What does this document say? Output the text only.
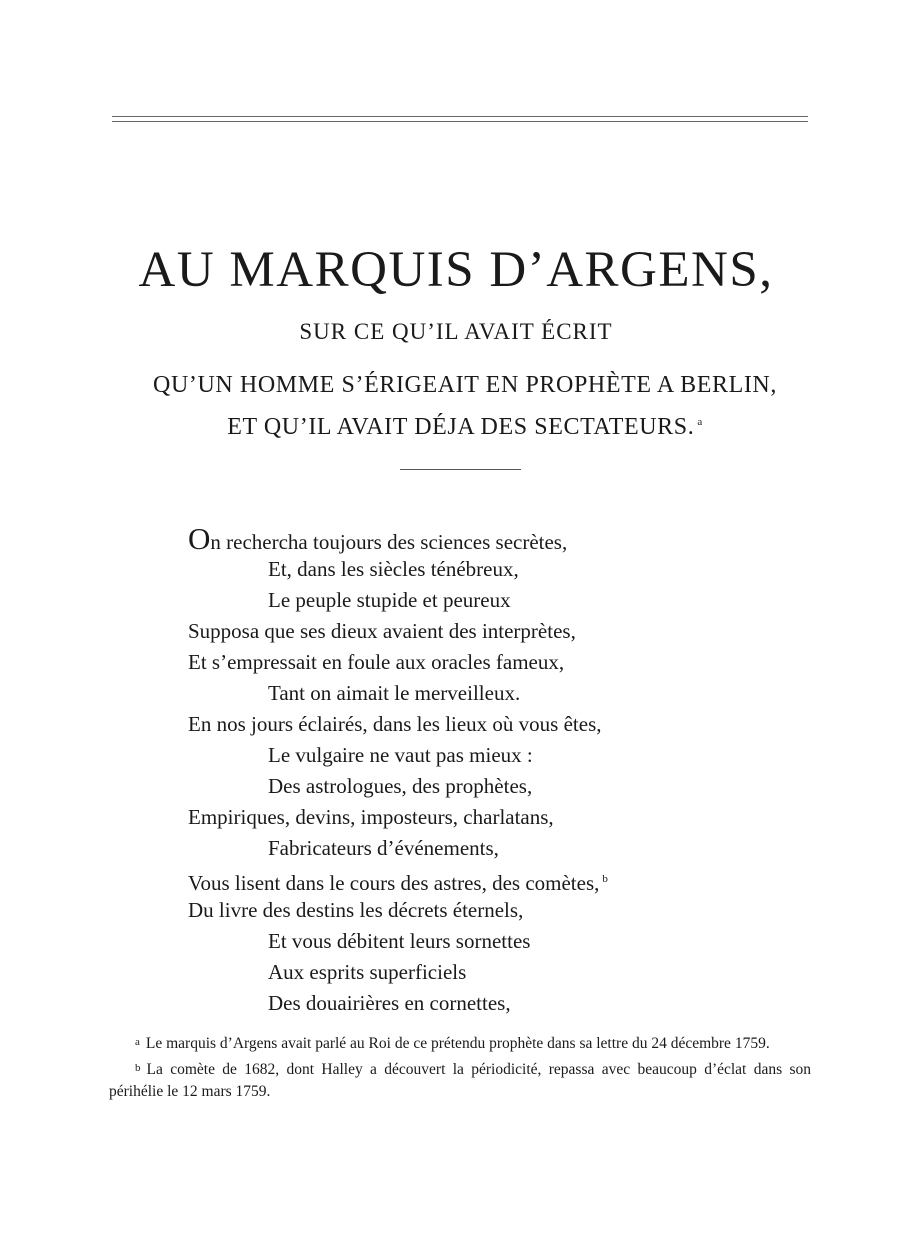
AU MARQUIS D’ARGENS,
SUR CE QU’IL AVAIT ÉCRIT
QU’UN HOMME S’ÉRIGEAIT EN PROPHÈTE A BERLIN,
ET QU’IL AVAIT DÉJA DES SECTATEURS. $^a$
On rechercha toujours des sciences secrètes,
Et, dans les siècles ténébreux,
Le peuple stupide et peureux
Supposa que ses dieux avaient des interprètes,
Et s’empressait en foule aux oracles fameux,
Tant on aimait le merveilleux.
En nos jours éclairés, dans les lieux où vous êtes,
Le vulgaire ne vaut pas mieux :
Des astrologues, des prophètes,
Empiriques, devins, imposteurs, charlatans,
Fabricateurs d’événements,
Vous lisent dans le cours des astres, des comètes, $^b$
Du livre des destins les décrets éternels,
Et vous débitent leurs sornettes
Aux esprits superficiels
Des douairières en cornettes,

a Le marquis d’Argens avait parlé au Roi de ce prétendu prophète dans sa lettre du 24 décembre 1759.

b La comète de 1682, dont Halley a découvert la périodicité, repassa avec beaucoup d’éclat dans son périhélie le 12 mars 1759.
